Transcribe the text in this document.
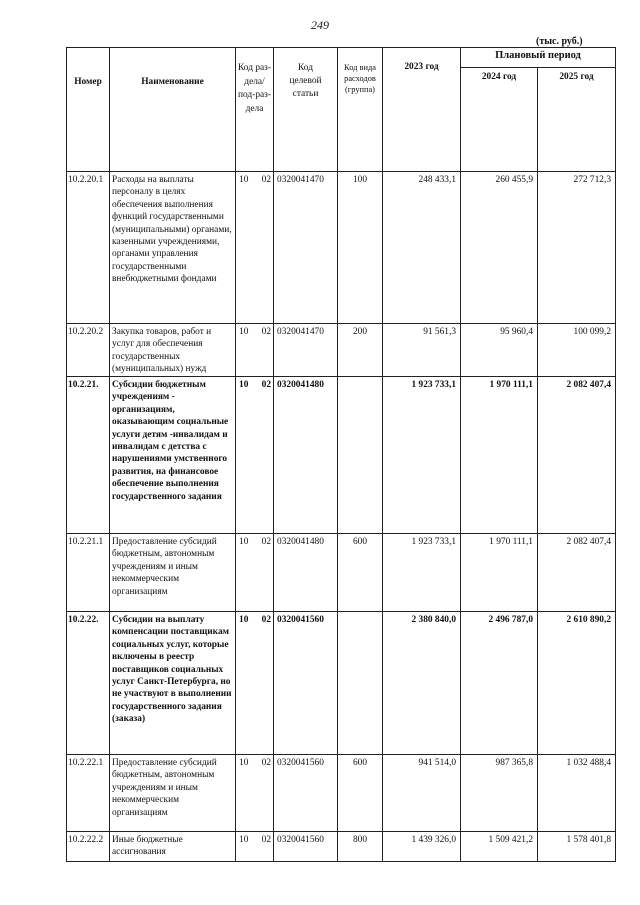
249
(тыс. руб.)
Номер	Наименование	Код раз-дела/ под-раз-дела	Код целевой статьи	Код вида расходов (группа)	2023 год	Плановый период	
						2024 год	2025 год
10.2.20.1	Расходы на выплаты персоналу в целях обеспечения выполнения функций государственными (муниципальными) органами, казенными учреждениями, органами управления государственными внебюджетными фондами	10 02	0320041470	100	248 433,1	260 455,9	272 712,3
10.2.20.2	Закупка товаров, работ и услуг для обеспечения государственных (муниципальных) нужд	10 02	0320041470	200	91 561,3	95 960,4	100 099,2
10.2.21.	Субсидии бюджетным учреждениям - организациям, оказывающим социальные услуги детям -инвалидам и инвалидам с детства с нарушениями умственного развития, на финансовое обеспечение выполнения государственного задания	10 02	0320041480		1 923 733,1	1 970 111,1	2 082 407,4
10.2.21.1	Предоставление субсидий бюджетным, автономным учреждениям и иным некоммерческим организациям	10 02	0320041480	600	1 923 733,1	1 970 111,1	2 082 407,4
10.2.22.	Субсидии на выплату компенсации поставщикам социальных услуг, которые включены в реестр поставщиков социальных услуг Санкт-Петербурга, но не участвуют в выполнении государственного задания (заказа)	10 02	0320041560		2 380 840,0	2 496 787,0	2 610 890,2
10.2.22.1	Предоставление субсидий бюджетным, автономным учреждениям и иным некоммерческим организациям	10 02	0320041560	600	941 514,0	987 365,8	1 032 488,4
10.2.22.2	Иные бюджетные ассигнования	10 02	0320041560	800	1 439 326,0	1 509 421,2	1 578 401,8
